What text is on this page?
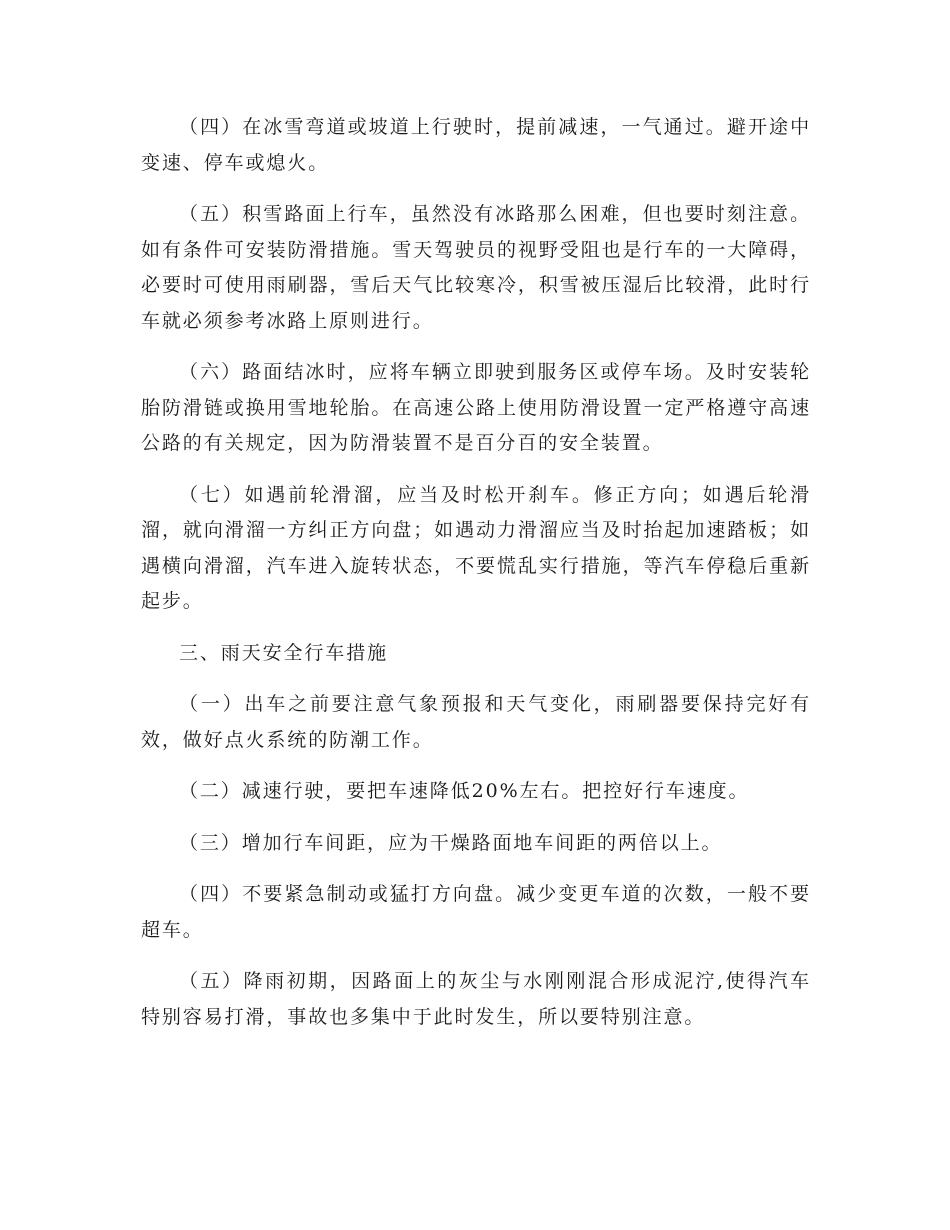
（四）在冰雪弯道或坡道上行驶时，提前减速，一气通过。避开途中变速、停车或熄火。

（五）积雪路面上行车，虽然没有冰路那么困难，但也要时刻注意。如有条件可安装防滑措施。雪天驾驶员的视野受阻也是行车的一大障碍，必要时可使用雨刷器，雪后天气比较寒冷，积雪被压湿后比较滑，此时行车就必须参考冰路上原则进行。

（六）路面结冰时，应将车辆立即驶到服务区或停车场。及时安装轮胎防滑链或换用雪地轮胎。在高速公路上使用防滑设置一定严格遵守高速公路的有关规定，因为防滑装置不是百分百的安全装置。

（七）如遇前轮滑溜，应当及时松开刹车。修正方向；如遇后轮滑溜，就向滑溜一方纠正方向盘；如遇动力滑溜应当及时抬起加速踏板；如遇横向滑溜，汽车进入旋转状态，不要慌乱实行措施，等汽车停稳后重新起步。

三、雨天安全行车措施

（一）出车之前要注意气象预报和天气变化，雨刷器要保持完好有效，做好点火系统的防潮工作。

（二）减速行驶，要把车速降低20%左右。把控好行车速度。

（三）增加行车间距，应为干燥路面地车间距的两倍以上。

（四）不要紧急制动或猛打方向盘。减少变更车道的次数，一般不要超车。

（五）降雨初期，因路面上的灰尘与水刚刚混合形成泥泞,使得汽车特别容易打滑，事故也多集中于此时发生，所以要特别注意。
